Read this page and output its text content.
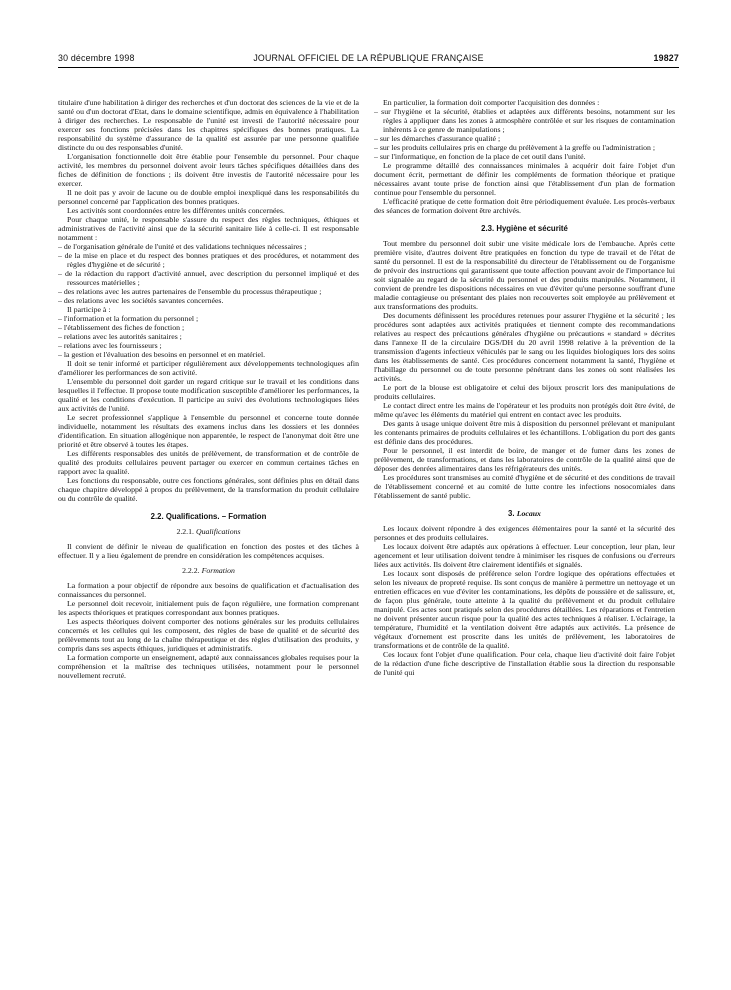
30 décembre 1998	JOURNAL OFFICIEL DE LA RÉPUBLIQUE FRANÇAISE	19827

titulaire d'une habilitation à diriger des recherches et d'un doctorat des sciences de la vie et de la santé ou d'un doctorat d'Etat, dans le domaine scientifique, admis en équivalence à l'habilitation à diriger des recherches. Le responsable de l'unité est investi de l'autorité nécessaire pour exercer ses fonctions précisées dans les chapitres spécifiques des bonnes pratiques. La responsabilité du système d'assurance de la qualité est assurée par une personne qualifiée distincte du ou des responsables d'unité.

L'organisation fonctionnelle doit être établie pour l'ensemble du personnel. Pour chaque activité, les membres du personnel doivent avoir leurs tâches spécifiques détaillées dans des fiches de définition de fonctions ; ils doivent être investis de l'autorité nécessaire pour les exercer.

Il ne doit pas y avoir de lacune ou de double emploi inexpliqué dans les responsabilités du personnel concerné par l'application des bonnes pratiques.

Les activités sont coordonnées entre les différentes unités concernées.

Pour chaque unité, le responsable s'assure du respect des règles techniques, éthiques et administratives de l'activité ainsi que de la sécurité sanitaire liée à celle-ci. Il est responsable notamment :

– de l'organisation générale de l'unité et des validations techniques nécessaires ;
– de la mise en place et du respect des bonnes pratiques et des procédures, et notamment des règles d'hygiène et de sécurité ;
– de la rédaction du rapport d'activité annuel, avec description du personnel impliqué et des ressources matérielles ;
– des relations avec les autres partenaires de l'ensemble du processus thérapeutique ;
– des relations avec les sociétés savantes concernées.

Il participe à :

– l'information et la formation du personnel ;
– l'établissement des fiches de fonction ;
– relations avec les autorités sanitaires ;
– relations avec les fournisseurs ;
– la gestion et l'évaluation des besoins en personnel et en matériel.

Il doit se tenir informé et participer régulièrement aux développements technologiques afin d'améliorer les performances de son activité.

L'ensemble du personnel doit garder un regard critique sur le travail et les conditions dans lesquelles il l'effectue. Il propose toute modification susceptible d'améliorer les performances, la qualité et les conditions d'exécution. Il participe au suivi des évolutions technologiques liées aux activités de l'unité.

Le secret professionnel s'applique à l'ensemble du personnel et concerne toute donnée individuelle, notamment les résultats des examens inclus dans les dossiers et les données d'identification. En situation allogénique non apparentée, le respect de l'anonymat doit être une priorité et être observé à toutes les étapes.

Les différents responsables des unités de prélèvement, de transformation et de contrôle de qualité des produits cellulaires peuvent partager ou exercer en commun certaines tâches en rapport avec la qualité.

Les fonctions du responsable, outre ces fonctions générales, sont définies plus en détail dans chaque chapitre développé à propos du prélèvement, de la transformation du produit cellulaire ou du contrôle de qualité.

2.2. Qualifications. – Formation
2.2.1. Qualifications

Il convient de définir le niveau de qualification en fonction des postes et des tâches à effectuer. Il y a lieu également de prendre en considération les compétences acquises.

2.2.2. Formation

La formation a pour objectif de répondre aux besoins de qualification et d'actualisation des connaissances du personnel.

Le personnel doit recevoir, initialement puis de façon régulière, une formation comprenant les aspects théoriques et pratiques correspondant aux bonnes pratiques.

Les aspects théoriques doivent comporter des notions générales sur les produits cellulaires concernés et les cellules qui les composent, des règles de base de qualité et de sécurité des prélèvements tout au long de la chaîne thérapeutique et des règles d'utilisation des produits, y compris dans ses aspects éthiques, juridiques et administratifs.

La formation comporte un enseignement, adapté aux connaissances globales requises pour la compréhension et la maîtrise des techniques utilisées, notamment pour le personnel nouvellement recruté.

En particulier, la formation doit comporter l'acquisition des données :

– sur l'hygiène et la sécurité, établies et adaptées aux différents besoins, notamment sur les règles à appliquer dans les zones à atmosphère contrôlée et sur les risques de contamination inhérents à ce genre de manipulations ;
– sur les démarches d'assurance qualité ;
– sur les produits cellulaires pris en charge du prélèvement à la greffe ou l'administration ;
– sur l'informatique, en fonction de la place de cet outil dans l'unité.

Le programme détaillé des connaissances minimales à acquérir doit faire l'objet d'un document écrit, permettant de définir les compléments de formation théorique et pratique nécessaires avant toute prise de fonction ainsi que l'établissement d'un plan de formation continue pour l'ensemble du personnel.

L'efficacité pratique de cette formation doit être périodiquement évaluée. Les procès-verbaux des séances de formation doivent être archivés.

2.3. Hygiène et sécurité

Tout membre du personnel doit subir une visite médicale lors de l'embauche. Après cette première visite, d'autres doivent être pratiquées en fonction du type de travail et de l'état de santé du personnel. Il est de la responsabilité du directeur de l'établissement ou de l'organisme de prévoir des instructions qui garantissent que toute affection pouvant avoir de l'importance lui soit signalée au regard de la sécurité du personnel et des produits manipulés. Notamment, il convient de prendre les dispositions nécessaires en vue d'éviter qu'une personne souffrant d'une maladie contagieuse ou présentant des plaies non recouvertes soit employée au prélèvement et aux transformations des produits.

Des documents définissent les procédures retenues pour assurer l'hygiène et la sécurité ; les procédures sont adaptées aux activités pratiquées et tiennent compte des recommandations relatives au respect des précautions générales d'hygiène ou précautions « standard » décrites dans l'annexe II de la circulaire DGS/DH du 20 avril 1998 relative à la prévention de la transmission d'agents infectieux véhiculés par le sang ou les liquides biologiques lors des soins dans les établissements de santé. Ces procédures concernent notamment la santé, l'hygiène et l'habillage du personnel ou de toute personne pénétrant dans les zones où sont réalisées les activités.

Le port de la blouse est obligatoire et celui des bijoux proscrit lors des manipulations de produits cellulaires.

Le contact direct entre les mains de l'opérateur et les produits non protégés doit être évité, de même qu'avec les éléments du matériel qui entrent en contact avec les produits.

Des gants à usage unique doivent être mis à disposition du personnel prélevant et manipulant les contenants primaires de produits cellulaires et les échantillons. L'obligation du port des gants est définie dans des procédures.

Pour le personnel, il est interdit de boire, de manger et de fumer dans les zones de prélèvement, de transformations, et dans les laboratoires de contrôle de la qualité ainsi que de déposer des denrées alimentaires dans les réfrigérateurs des unités.

Les procédures sont transmises au comité d'hygiène et de sécurité et des conditions de travail de l'établissement concerné et au comité de lutte contre les infections nosocomiales dans l'établissement de santé public.

3. Locaux

Les locaux doivent répondre à des exigences élémentaires pour la santé et la sécurité des personnes et des produits cellulaires.

Les locaux doivent être adaptés aux opérations à effectuer. Leur conception, leur plan, leur agencement et leur utilisation doivent tendre à minimiser les risques de confusions ou d'erreurs liées aux activités. Ils doivent être clairement identifiés et signalés.

Les locaux sont disposés de préférence selon l'ordre logique des opérations effectuées et selon les niveaux de propreté requise. Ils sont conçus de manière à permettre un nettoyage et un entretien efficaces en vue d'éviter les contaminations, les dépôts de poussière et de salissure, et, de façon plus générale, toute atteinte à la qualité du prélèvement et du produit cellulaire manipulé. Ces actes sont pratiqués selon des procédures détaillées. Les réparations et l'entretien ne doivent présenter aucun risque pour la qualité des actes techniques à réaliser. L'éclairage, la température, l'humidité et la ventilation doivent être adaptés aux activités. La présence de végétaux d'ornement est proscrite dans les unités de prélèvement, les laboratoires de transformations et de contrôle de la qualité.

Ces locaux font l'objet d'une qualification. Pour cela, chaque lieu d'activité doit faire l'objet de la rédaction d'une fiche descriptive de l'installation établie sous la direction du responsable de l'unité qui
